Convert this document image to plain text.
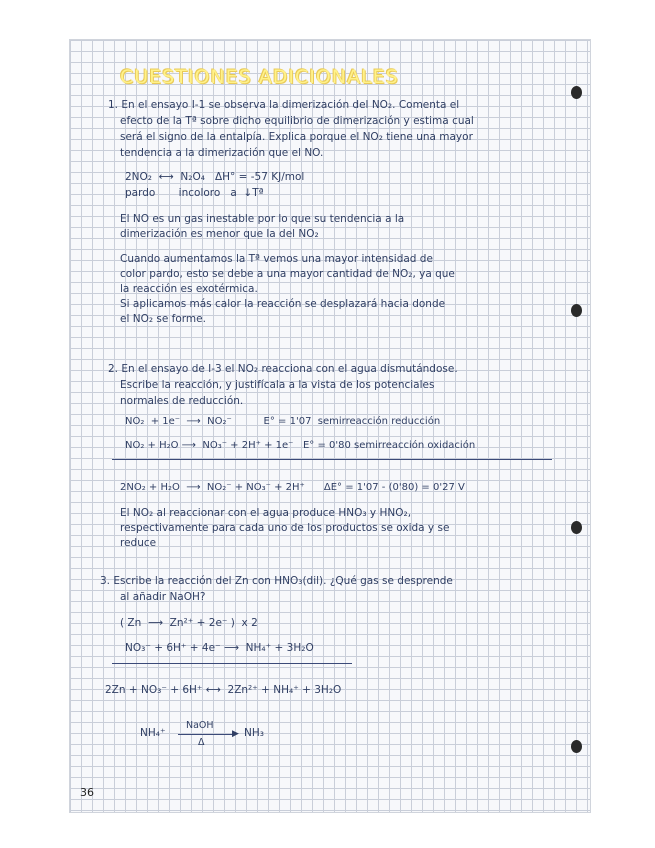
CUESTIONES ADICIONALES
1. En el ensayo I-1 se observa la dimerización del NO₂. Comenta el
efecto de la Tª sobre dicho equilibrio de dimerización y estima cual
será el signo de la entalpía. Explica porque el NO₂ tiene una mayor
tendencia a la dimerización que el NO.
2NO₂  ⟷  N₂O₄   ΔH° = -57 KJ/mol
pardo       incoloro   a  ↓Tª
El NO es un gas inestable por lo que su tendencia a la
dimerización es menor que la del NO₂
Cuando aumentamos la Tª vemos una mayor intensidad de
color pardo, esto se debe a una mayor cantidad de NO₂, ya que
la reacción es exotérmica.
Si aplicamos más calor la reacción se desplazará hacia donde
el NO₂ se forme.
2. En el ensayo de I-3 el NO₂ reacciona con el agua dismutándose.
Escribe la reacción, y justifícala a la vista de los potenciales
normales de reducción.
NO₂  + 1e⁻  ⟶  NO₂⁻          E° = 1'07  semirreacción reducción
NO₂ + H₂O ⟶  NO₃⁻ + 2H⁺ + 1e⁻   E° = 0'80 semirreacción oxidación
2NO₂ + H₂O  ⟶  NO₂⁻ + NO₃⁻ + 2H⁺      ΔE° = 1'07 - (0'80) = 0'27 V
El NO₂ al reaccionar con el agua produce HNO₃ y HNO₂,
respectivamente para cada uno de los productos se oxida y se
reduce
3. Escribe la reacción del Zn con HNO₃(dil). ¿Qué gas se desprende
al añadir NaOH?
( Zn  ⟶  Zn²⁺ + 2e⁻ )  x 2
NO₃⁻ + 6H⁺ + 4e⁻ ⟶  NH₄⁺ + 3H₂O
2Zn + NO₃⁻ + 6H⁺ ⟷  2Zn²⁺ + NH₄⁺ + 3H₂O
NH₄⁺
NaOH
▶
Δ
NH₃
36
